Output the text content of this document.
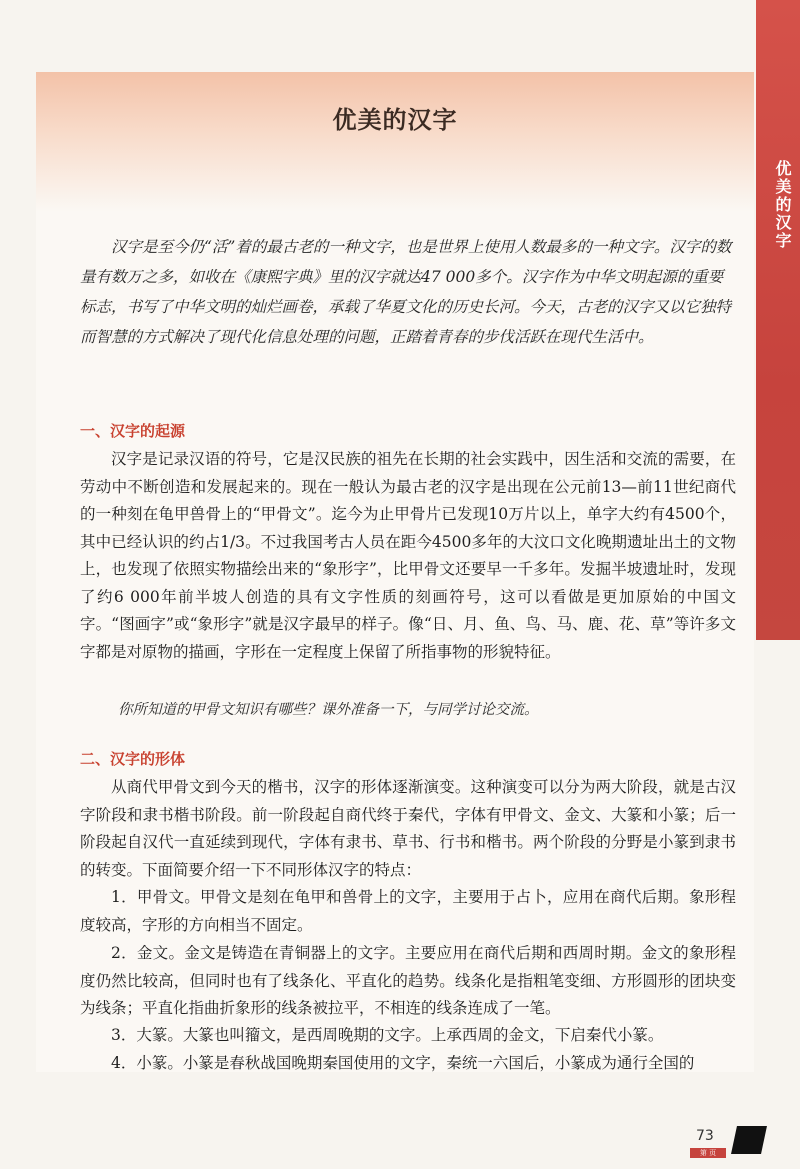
优美的汉字
优美的汉字

汉字是至今仍“活”着的最古老的一种文字，也是世界上使用人数最多的一种文字。汉字的数量有数万之多，如收在《康熙字典》里的汉字就达47 000多个。汉字作为中华文明起源的重要标志，书写了中华文明的灿烂画卷，承载了华夏文化的历史长河。今天，古老的汉字又以它独特而智慧的方式解决了现代化信息处理的问题，正踏着青春的步伐活跃在现代生活中。

一、汉字的起源

汉字是记录汉语的符号，它是汉民族的祖先在长期的社会实践中，因生活和交流的需要，在劳动中不断创造和发展起来的。现在一般认为最古老的汉字是出现在公元前13—前11世纪商代的一种刻在龟甲兽骨上的“甲骨文”。迄今为止甲骨片已发现10万片以上，单字大约有4500个，其中已经认识的约占1/3。不过我国考古人员在距今4500多年的大汶口文化晚期遗址出土的文物上，也发现了依照实物描绘出来的“象形字”，比甲骨文还要早一千多年。发掘半坡遗址时，发现了约6 000年前半坡人创造的具有文字性质的刻画符号，这可以看做是更加原始的中国文字。“图画字”或“象形字”就是汉字最早的样子。像“日、月、鱼、鸟、马、鹿、花、草”等许多文字都是对原物的描画，字形在一定程度上保留了所指事物的形貌特征。

你所知道的甲骨文知识有哪些？课外准备一下，与同学讨论交流。

二、汉字的形体

从商代甲骨文到今天的楷书，汉字的形体逐渐演变。这种演变可以分为两大阶段，就是古汉字阶段和隶书楷书阶段。前一阶段起自商代终于秦代，字体有甲骨文、金文、大篆和小篆；后一阶段起自汉代一直延续到现代，字体有隶书、草书、行书和楷书。两个阶段的分野是小篆到隶书的转变。下面简要介绍一下不同形体汉字的特点：

1．甲骨文。甲骨文是刻在龟甲和兽骨上的文字，主要用于占卜，应用在商代后期。象形程度较高，字形的方向相当不固定。

2．金文。金文是铸造在青铜器上的文字。主要应用在商代后期和西周时期。金文的象形程度仍然比较高，但同时也有了线条化、平直化的趋势。线条化是指粗笔变细、方形圆形的团块变为线条；平直化指曲折象形的线条被拉平，不相连的线条连成了一笔。

3．大篆。大篆也叫籀文，是西周晚期的文字。上承西周的金文，下启秦代小篆。

4．小篆。小篆是春秋战国晚期秦国使用的文字，秦统一六国后，小篆成为通行全国的

73
第 页
